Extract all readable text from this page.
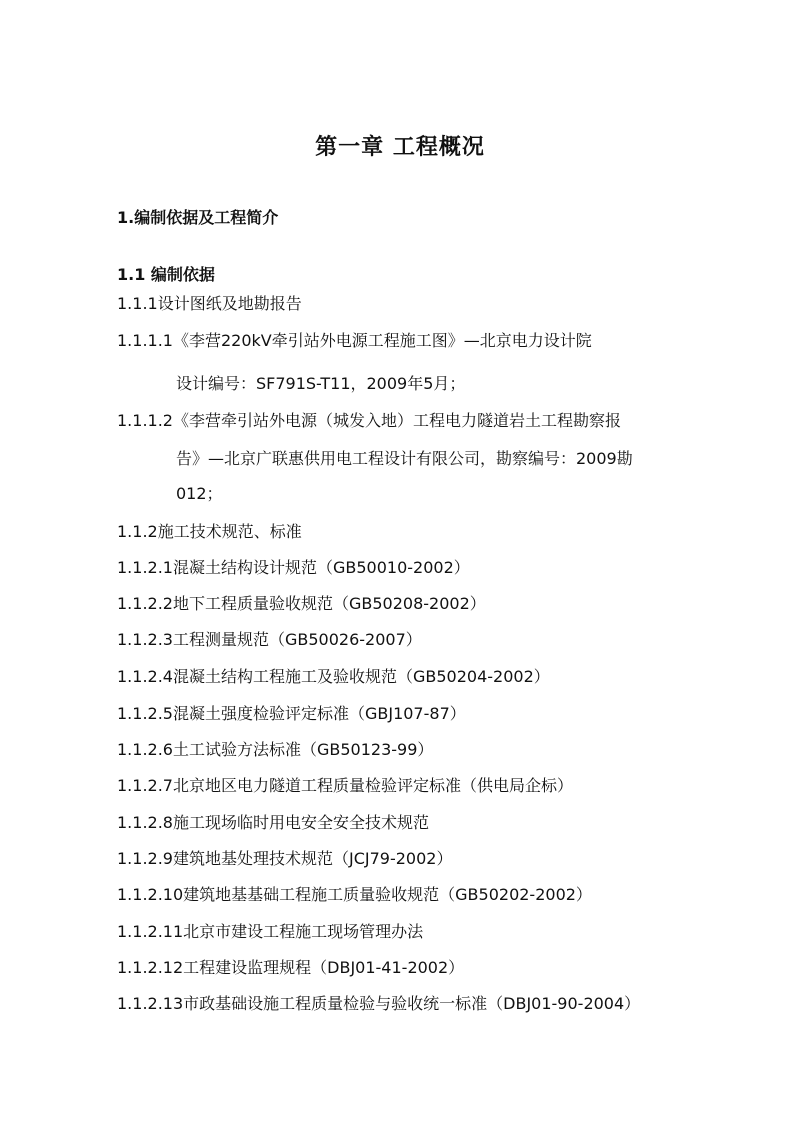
第一章 工程概况
1.编制依据及工程简介
1.1 编制依据
1.1.1设计图纸及地勘报告
1.1.1.1《李营220kV牵引站外电源工程施工图》—北京电力设计院
设计编号：SF791S-T11，2009年5月；
1.1.1.2《李营牵引站外电源（城发入地）工程电力隧道岩土工程勘察报
告》—北京广联惠供用电工程设计有限公司，勘察编号：2009勘
012；
1.1.2施工技术规范、标准
1.1.2.1混凝土结构设计规范（GB50010-2002）
1.1.2.2地下工程质量验收规范（GB50208-2002）
1.1.2.3工程测量规范（GB50026-2007）
1.1.2.4混凝土结构工程施工及验收规范（GB50204-2002）
1.1.2.5混凝土强度检验评定标准（GBJ107-87）
1.1.2.6土工试验方法标准（GB50123-99）
1.1.2.7北京地区电力隧道工程质量检验评定标准（供电局企标）
1.1.2.8施工现场临时用电安全安全技术规范
1.1.2.9建筑地基处理技术规范（JCJ79-2002）
1.1.2.10建筑地基基础工程施工质量验收规范（GB50202-2002）
1.1.2.11北京市建设工程施工现场管理办法
1.1.2.12工程建设监理规程（DBJ01-41-2002）
1.1.2.13市政基础设施工程质量检验与验收统一标准（DBJ01-90-2004）
